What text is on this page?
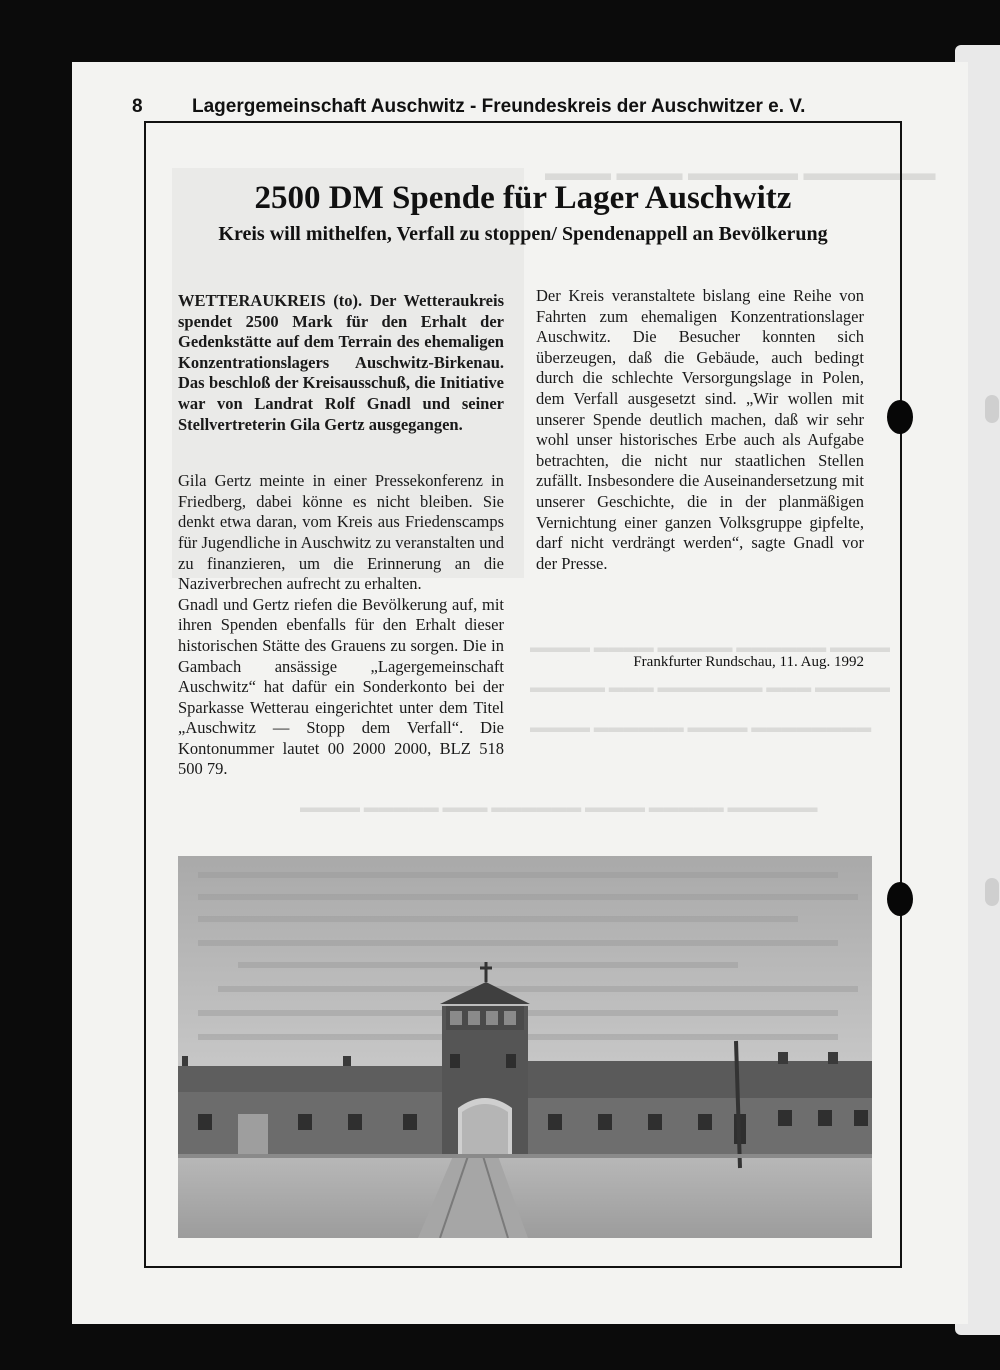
▬▬▬ ▬▬▬ ▬▬▬▬▬ ▬▬▬▬▬▬
▬▬▬▬ ▬▬▬▬ ▬▬▬▬▬ ▬▬▬▬▬▬ ▬▬▬▬
▬▬▬▬▬ ▬▬▬ ▬▬▬▬▬▬▬ ▬▬▬ ▬▬▬▬▬
▬▬▬▬ ▬▬▬▬▬▬ ▬▬▬▬ ▬▬▬▬▬▬▬▬
▬▬▬▬ ▬▬▬▬▬ ▬▬▬ ▬▬▬▬▬▬ ▬▬▬▬ ▬▬▬▬▬ ▬▬▬▬▬▬
8	Lagergemeinschaft Auschwitz - Freundeskreis der Auschwitzer e. V.
2500 DM Spende für Lager Auschwitz
Kreis will mithelfen, Verfall zu stoppen/ Spendenappell an Bevölkerung
WETTERAUKREIS (to). Der Wetteraukreis spendet 2500 Mark für den Erhalt der Gedenkstätte auf dem Terrain des ehemaligen Konzentrationslagers Auschwitz-Birkenau. Das beschloß der Kreisausschuß, die Initiative war von Landrat Rolf Gnadl und seiner Stellvertreterin Gila Gertz ausgegangen.
Gila Gertz meinte in einer Pressekonferenz in Friedberg, dabei könne es nicht bleiben. Sie denkt etwa daran, vom Kreis aus Friedenscamps für Jugendliche in Auschwitz zu veranstalten und zu finanzieren, um die Erinnerung an die Naziverbrechen aufrecht zu erhalten.
Gnadl und Gertz riefen die Bevölkerung auf, mit ihren Spenden ebenfalls für den Erhalt dieser historischen Stätte des Grauens zu sorgen. Die in Gambach ansässige „Lagergemeinschaft Auschwitz“ hat dafür ein Sonderkonto bei der Sparkasse Wetterau eingerichtet unter dem Titel „Auschwitz — Stopp dem Verfall“. Die Kontonummer lautet 00 2000 2000, BLZ 518 500 79.
Der Kreis veranstaltete bislang eine Reihe von Fahrten zum ehemaligen Konzentrationslager Auschwitz. Die Besucher konnten sich überzeugen, daß die Gebäude, auch bedingt durch die schlechte Versorgungslage in Polen, dem Verfall ausgesetzt sind. „Wir wollen mit unserer Spende deutlich machen, daß wir sehr wohl unser historisches Erbe auch als Aufgabe betrachten, die nicht nur staatlichen Stellen zufällt. Insbesondere die Auseinandersetzung mit unserer Geschichte, die in der planmäßigen Vernichtung einer ganzen Volksgruppe gipfelte, darf nicht verdrängt werden“, sagte Gnadl vor der Presse.
Frankfurter Rundschau, 11. Aug. 1992
